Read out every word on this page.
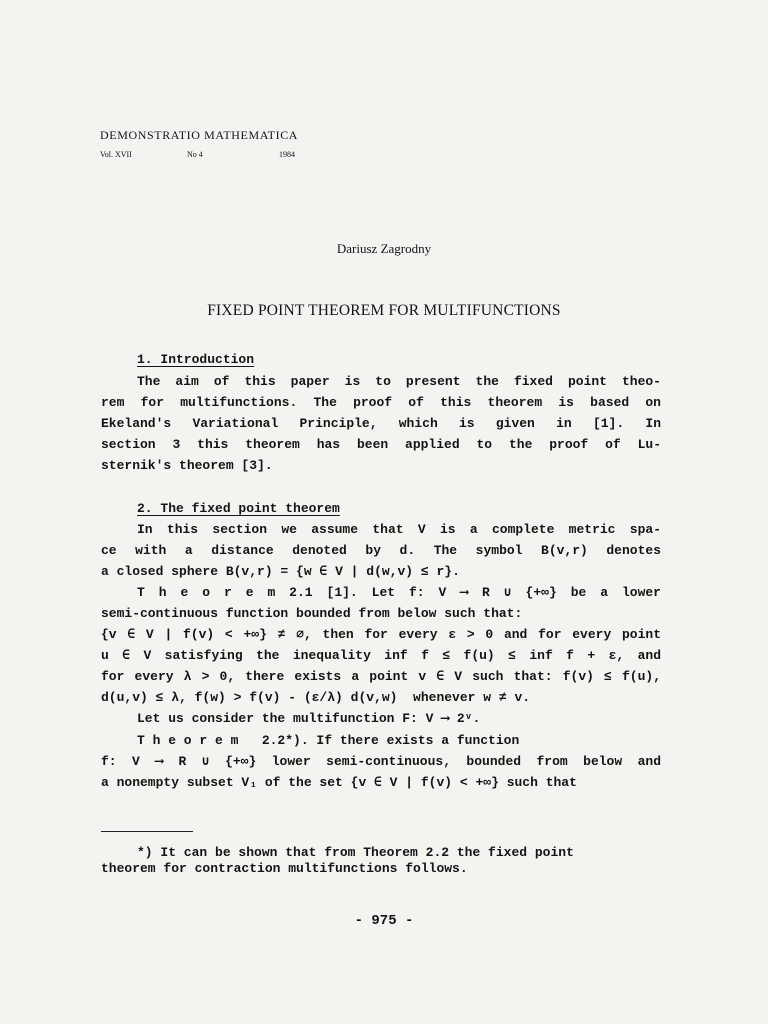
DEMONSTRATIO MATHEMATICA
Vol. XVII	No 4	1984
Dariusz Zagrodny
FIXED POINT THEOREM FOR MULTIFUNCTIONS
1. Introduction
The aim of this paper is to present the fixed point theo-
rem for multifunctions. The proof of this theorem is based on
Ekeland's Variational Principle, which is given in [1]. In
section 3 this theorem has been applied to the proof of Lu-
sternik's theorem [3].
2. The fixed point theorem
In this section we assume that V is a complete metric spa-
ce with a distance denoted by d. The symbol B(v,r) denotes
a closed sphere B(v,r) = {w ∈ V | d(w,v) ≤ r}.
T h e o r e m 2.1 [1]. Let f: V ⟶ R ∪ {+∞} be a lower
semi-continuous function bounded from below such that:
{v ∈ V | f(v) < +∞} ≠ ∅, then for every ε > 0 and for every point
u ∈ V satisfying the inequality inf f ≤ f(u) ≤ inf f + ε, and
for every λ > 0, there exists a point v ∈ V such that: f(v) ≤ f(u),
d(u,v) ≤ λ, f(w) > f(v) - (ε/λ) d(v,w)  whenever w ≠ v.
Let us consider the multifunction F: V ⟶ 2ᵛ.
T h e o r e m   2.2*). If there exists a function
f: V ⟶ R ∪ {+∞} lower semi-continuous, bounded from below and
a nonempty subset V₁ of the set {v ∈ V | f(v) < +∞} such that
*) It can be shown that from Theorem 2.2 the fixed point
theorem for contraction multifunctions follows.
- 975 -
